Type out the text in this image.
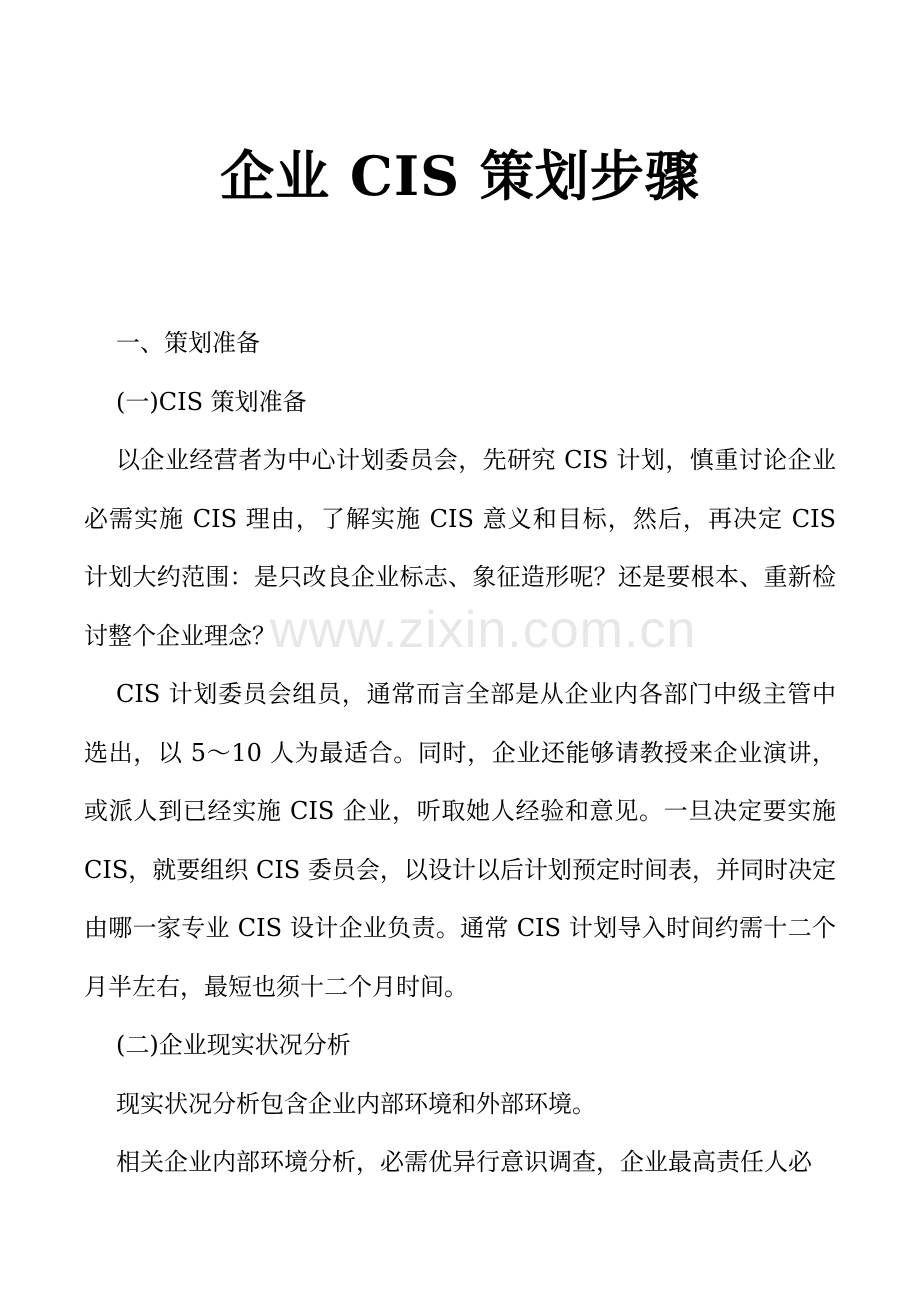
企业 CIS 策划步骤

一、策划准备

(一)CIS 策划准备

以企业经营者为中心计划委员会，先研究 CIS 计划，慎重讨论企业必需实施 CIS 理由，了解实施 CIS 意义和目标，然后，再决定 CIS 计划大约范围：是只改良企业标志、象征造形呢？还是要根本、重新检讨整个企业理念？

CIS 计划委员会组员，通常而言全部是从企业内各部门中级主管中选出，以 5～10 人为最适合。同时，企业还能够请教授来企业演讲，或派人到已经实施 CIS 企业，听取她人经验和意见。一旦决定要实施 CIS，就要组织 CIS 委员会，以设计以后计划预定时间表，并同时决定由哪一家专业 CIS 设计企业负责。通常 CIS 计划导入时间约需十二个月半左右，最短也须十二个月时间。

(二)企业现实状况分析

现实状况分析包含企业内部环境和外部环境。

相关企业内部环境分析，必需优异行意识调查，企业最高责任人必

www.zixin.com.cn
